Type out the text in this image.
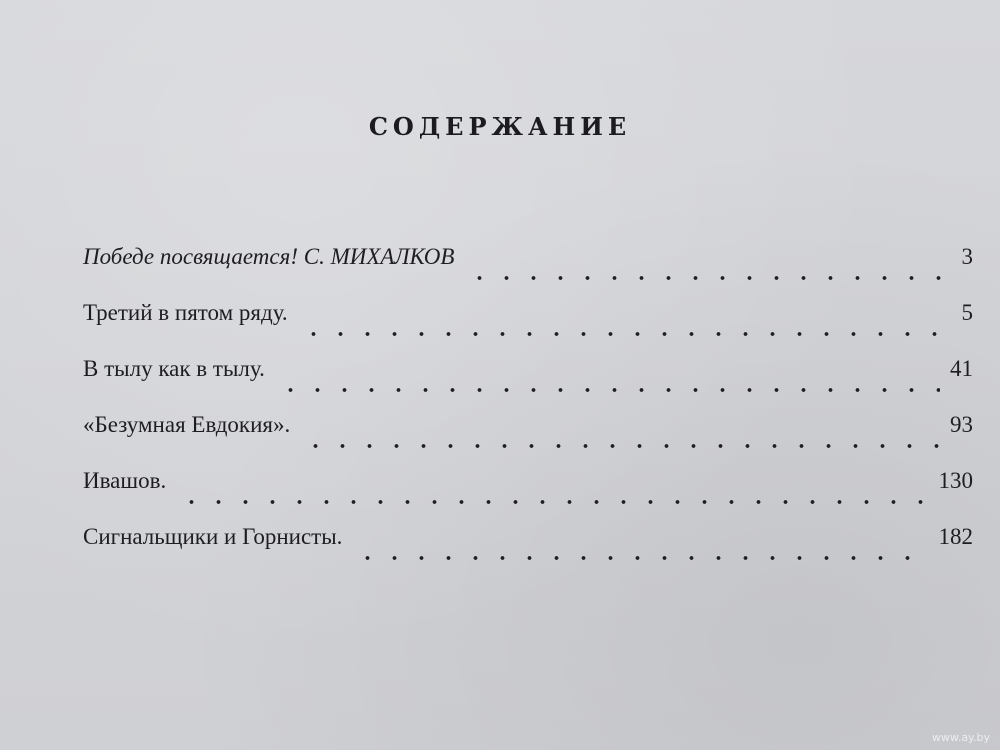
СОДЕРЖАНИЕ
Победе посвящается! С. МИХАЛКОВ	3
Третий в пятом ряду.	5
В тылу как в тылу.	41
«Безумная Евдокия».	93
Ивашов.	130
Сигнальщики и Горнисты.	182
www.ay.by
